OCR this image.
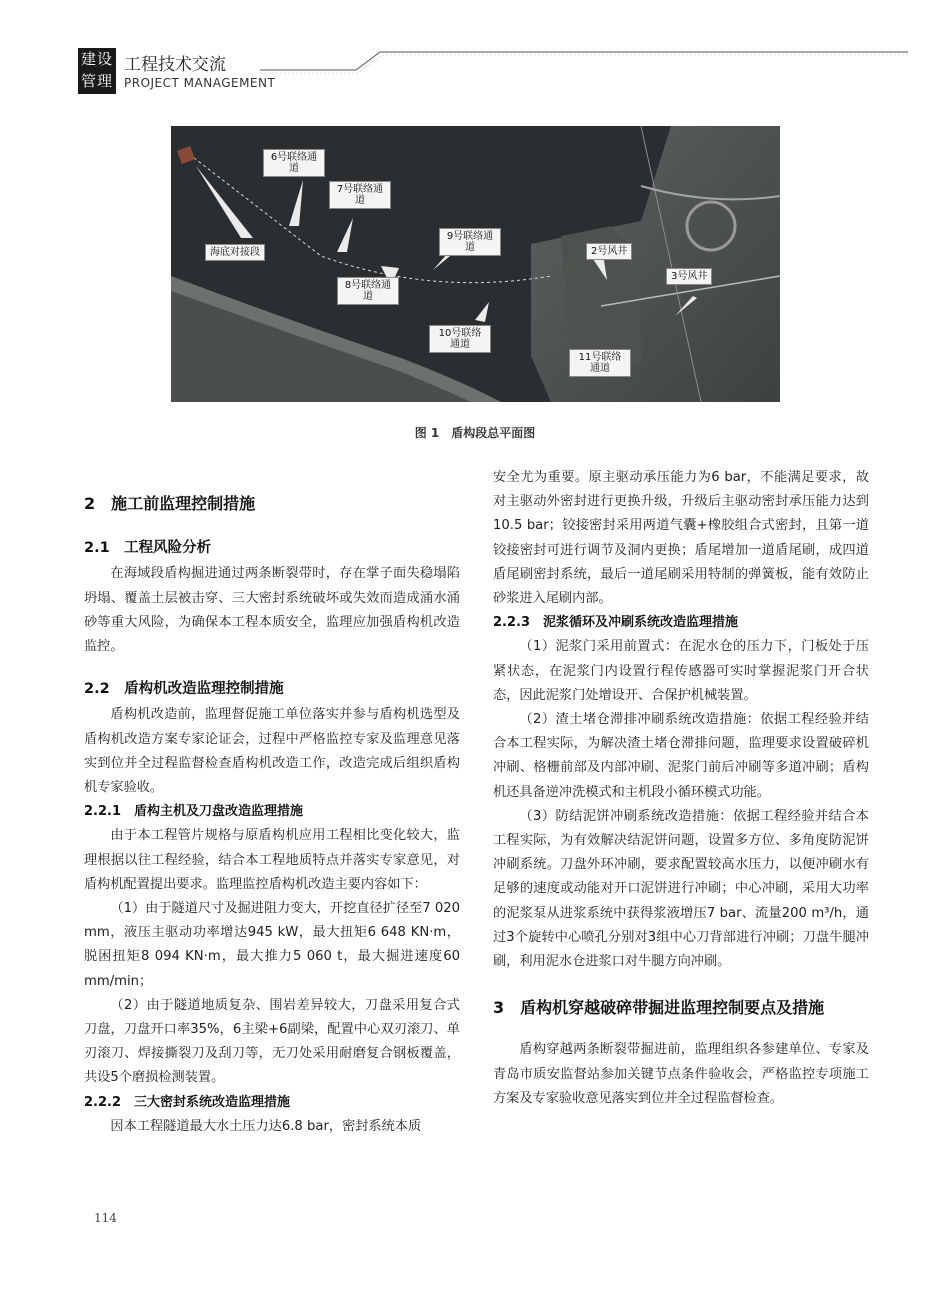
建设
管理
工程技术交流
PROJECT MANAGEMENT
6号联络通道
7号联络通道
海底对接段
8号联络通道
9号联络通道
10号联络通道
2号风井
3号风井
11号联络通道
图 1　盾构段总平面图
2　施工前监理控制措施
2.1　工程风险分析

在海域段盾构掘进通过两条断裂带时，存在掌子面失稳塌陷坍塌、覆盖土层被击穿、三大密封系统破坏或失效而造成涌水涌砂等重大风险，为确保本工程本质安全，监理应加强盾构机改造监控。

2.2　盾构机改造监理控制措施

盾构机改造前，监理督促施工单位落实并参与盾构机选型及盾构机改造方案专家论证会，过程中严格监控专家及监理意见落实到位并全过程监督检查盾构机改造工作，改造完成后组织盾构机专家验收。

2.2.1　盾构主机及刀盘改造监理措施

由于本工程管片规格与原盾构机应用工程相比变化较大，监理根据以往工程经验，结合本工程地质特点并落实专家意见，对盾构机配置提出要求。监理监控盾构机改造主要内容如下：

（1）由于隧道尺寸及掘进阻力变大，开挖直径扩径至7 020 mm，液压主驱动功率增达945 kW，最大扭矩6 648 KN·m，脱困扭矩8 094 KN·m，最大推力5 060 t，最大掘进速度60 mm/min；

（2）由于隧道地质复杂、围岩差异较大，刀盘采用复合式刀盘，刀盘开口率35%，6主梁+6副梁，配置中心双刃滚刀、单刃滚刀、焊接撕裂刀及刮刀等，无刀处采用耐磨复合钢板覆盖，共设5个磨损检测装置。

2.2.2　三大密封系统改造监理措施

因本工程隧道最大水土压力达6.8 bar，密封系统本质

安全尤为重要。原主驱动承压能力为6 bar，不能满足要求，故对主驱动外密封进行更换升级，升级后主驱动密封承压能力达到10.5 bar；铰接密封采用两道气囊+橡胶组合式密封，且第一道铰接密封可进行调节及洞内更换；盾尾增加一道盾尾刷，成四道盾尾刷密封系统，最后一道尾刷采用特制的弹簧板，能有效防止砂浆进入尾刷内部。

2.2.3　泥浆循环及冲刷系统改造监理措施

（1）泥浆门采用前置式：在泥水仓的压力下，门板处于压紧状态，在泥浆门内设置行程传感器可实时掌握泥浆门开合状态，因此泥浆门处增设开、合保护机械装置。

（2）渣土堵仓滞排冲刷系统改造措施：依据工程经验并结合本工程实际，为解决渣土堵仓滞排问题，监理要求设置破碎机冲刷、格栅前部及内部冲刷、泥浆门前后冲刷等多道冲刷；盾构机还具备逆冲洗模式和主机段小循环模式功能。

（3）防结泥饼冲刷系统改造措施：依据工程经验并结合本工程实际，为有效解决结泥饼问题，设置多方位、多角度防泥饼冲刷系统。刀盘外环冲刷，要求配置较高水压力，以便冲刷水有足够的速度或动能对开口泥饼进行冲刷；中心冲刷，采用大功率的泥浆泵从进浆系统中获得浆液增压7 bar、流量200 m³/h，通过3个旋转中心喷孔分别对3组中心刀背部进行冲刷；刀盘牛腿冲刷，利用泥水仓进浆口对牛腿方向冲刷。

3　盾构机穿越破碎带掘进监理控制要点及措施

盾构穿越两条断裂带掘进前，监理组织各参建单位、专家及青岛市质安监督站参加关键节点条件验收会，严格监控专项施工方案及专家验收意见落实到位并全过程监督检查。

114
